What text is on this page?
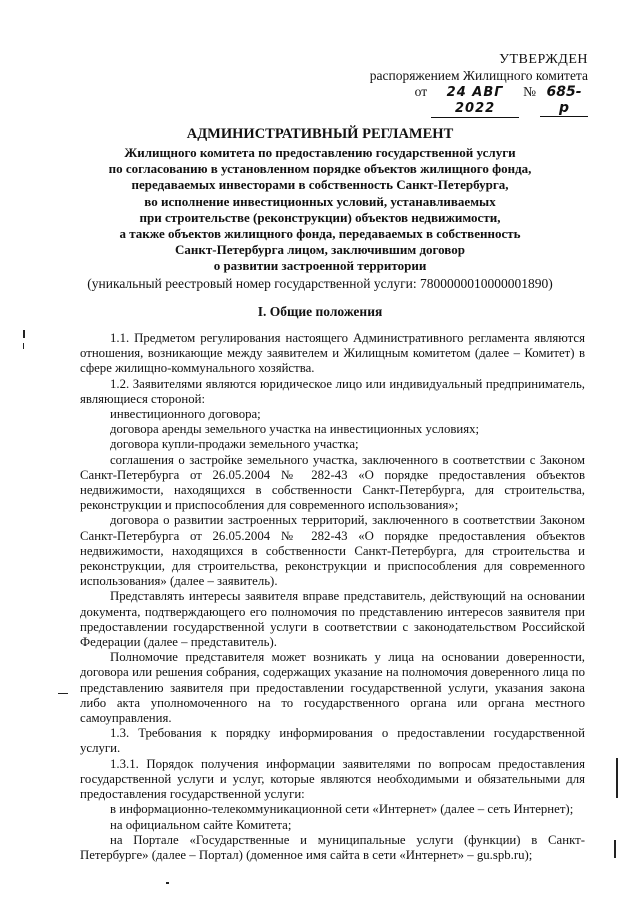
УТВЕРЖДЕН
распоряжением Жилищного комитета
от	24 АВГ 2022
№ 685-р
АДМИНИСТРАТИВНЫЙ РЕГЛАМЕНТ
Жилищного комитета по предоставлению государственной услуги
по согласованию в установленном порядке объектов жилищного фонда,
передаваемых инвесторами в собственность Санкт-Петербурга,
во исполнение инвестиционных условий, устанавливаемых
при строительстве (реконструкции) объектов недвижимости,
а также объектов жилищного фонда, передаваемых в собственность
Санкт-Петербурга лицом, заключившим договор
о развитии застроенной территории
(уникальный реестровый номер государственной услуги: 7800000010000001890)
I. Общие положения

1.1. Предметом регулирования настоящего Административного регламента являются отношения, возникающие между заявителем и Жилищным комитетом (далее – Комитет) в сфере жилищно-коммунального хозяйства.

1.2. Заявителями являются юридическое лицо или индивидуальный предприниматель, являющиеся стороной:

инвестиционного договора;

договора аренды земельного участка на инвестиционных условиях;

договора купли-продажи земельного участка;

соглашения о застройке земельного участка, заключенного в соответствии с Законом Санкт-Петербурга от 26.05.2004 № 282-43 «О порядке предоставления объектов недвижимости, находящихся в собственности Санкт-Петербурга, для строительства, реконструкции и приспособления для современного использования»;

договора о развитии застроенных территорий, заключенного в соответствии Законом Санкт-Петербурга от 26.05.2004 № 282-43 «О порядке предоставления объектов недвижимости, находящихся в собственности Санкт-Петербурга, для строительства и реконструкции, для строительства, реконструкции и приспособления для современного использования» (далее – заявитель).

Представлять интересы заявителя вправе представитель, действующий на основании документа, подтверждающего его полномочия по представлению интересов заявителя при предоставлении государственной услуги в соответствии с законодательством Российской Федерации (далее – представитель).

Полномочие представителя может возникать у лица на основании доверенности, договора или решения собрания, содержащих указание на полномочия доверенного лица по представлению заявителя при предоставлении государственной услуги, указания закона либо акта уполномоченного на то государственного органа или органа местного самоуправления.

1.3. Требования к порядку информирования о предоставлении государственной услуги.

1.3.1. Порядок получения информации заявителями по вопросам предоставления государственной услуги и услуг, которые являются необходимыми и обязательными для предоставления государственной услуги:

в информационно-телекоммуникационной сети «Интернет» (далее – сеть Интернет);

на официальном сайте Комитета;

на Портале «Государственные и муниципальные услуги (функции) в Санкт-Петербурге» (далее – Портал) (доменное имя сайта в сети «Интернет» – gu.spb.ru);
